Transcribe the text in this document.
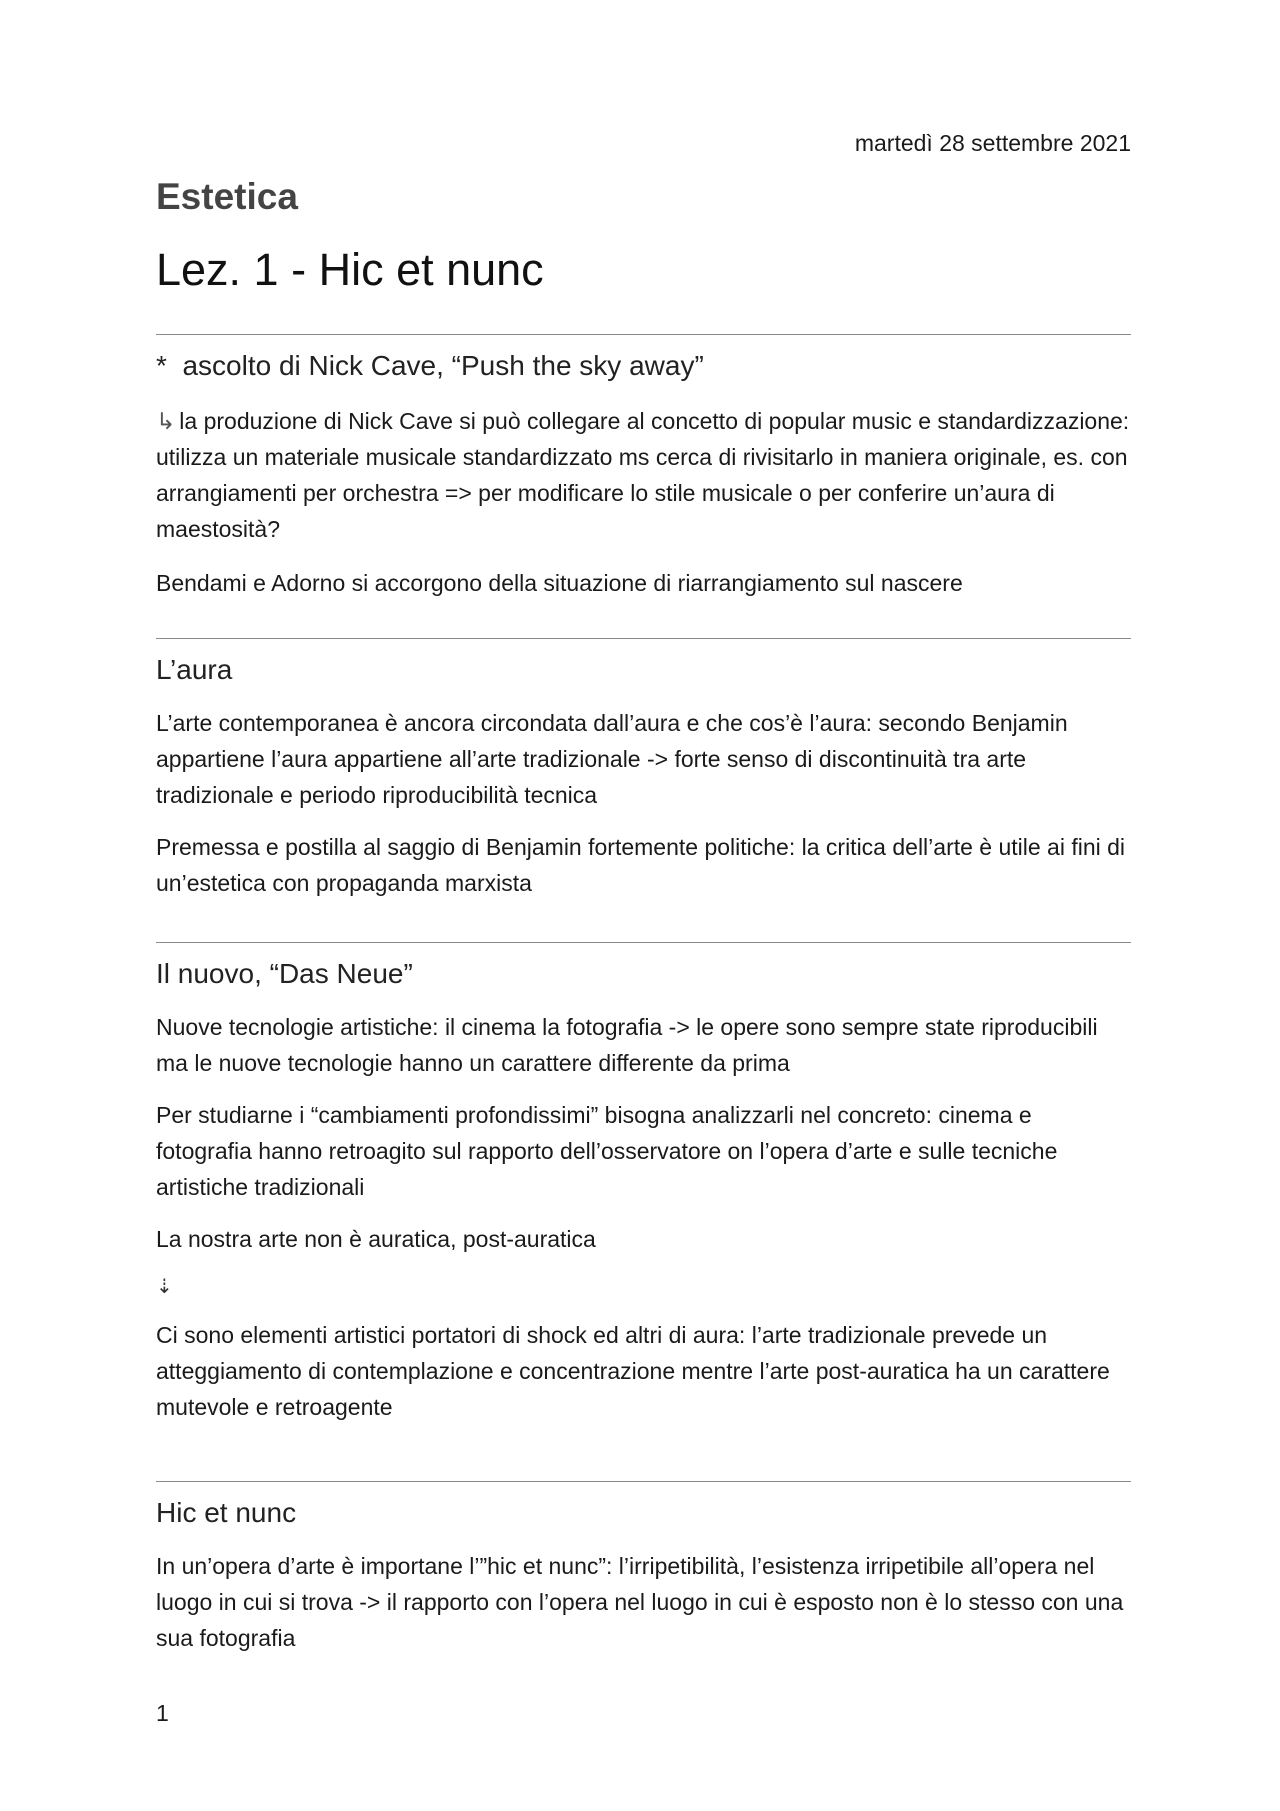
martedì 28 settembre 2021
Estetica
Lez. 1 - Hic et nunc
* ascolto di Nick Cave, “Push the sky away”

↳ la produzione di Nick Cave si può collegare al concetto di popular music e standardizzazione: utilizza un materiale musicale standardizzato ms cerca di rivisitarlo in maniera originale, es. con arrangiamenti per orchestra => per modificare lo stile musicale o per conferire un’aura di maestosità?

Bendami e Adorno si accorgono della situazione di riarrangiamento sul nascere

L’aura

L’arte contemporanea è ancora circondata dall’aura e che cos’è l’aura: secondo Benjamin appartiene l’aura appartiene all’arte tradizionale -> forte senso di discontinuità tra arte tradizionale e periodo riproducibilità tecnica

Premessa e postilla al saggio di Benjamin fortemente politiche: la critica dell’arte è utile ai fini di un’estetica con propaganda marxista

Il nuovo, “Das Neue”

Nuove tecnologie artistiche: il cinema la fotografia -> le opere sono sempre state riproducibili ma le nuove tecnologie hanno un carattere differente da prima

Per studiarne i “cambiamenti profondissimi” bisogna analizzarli nel concreto: cinema e fotografia hanno retroagito sul rapporto dell’osservatore on l’opera d’arte e sulle tecniche artistiche tradizionali

La nostra arte non è auratica, post-auratica

⇣

Ci sono elementi artistici portatori di shock ed altri di aura: l’arte tradizionale prevede un atteggiamento di contemplazione e concentrazione mentre l’arte post-auratica ha un carattere mutevole e retroagente

Hic et nunc

In un’opera d’arte è importane l’”hic et nunc”: l’irripetibilità, l’esistenza irripetibile all’opera nel luogo in cui si trova -> il rapporto con l’opera nel luogo in cui è esposto non è lo stesso con una sua fotografia

1
